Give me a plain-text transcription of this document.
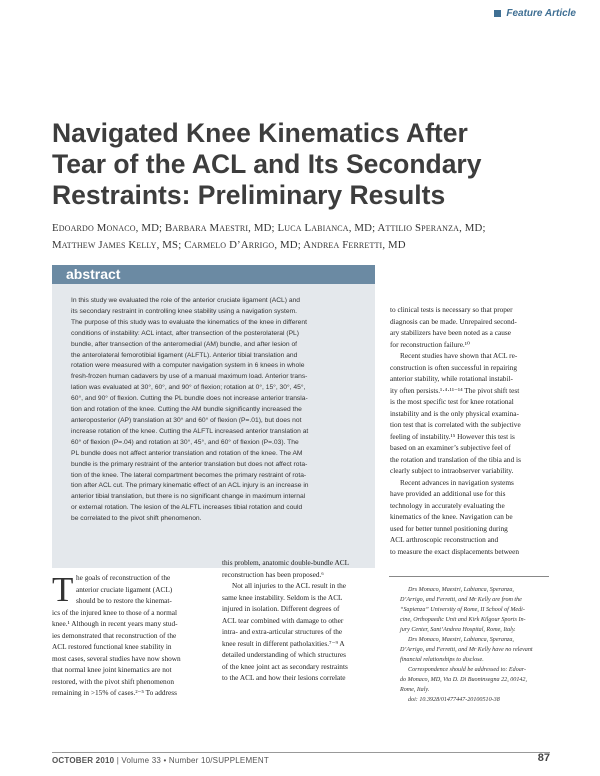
Feature Article
Navigated Knee Kinematics After
Tear of the ACL and Its Secondary
Restraints: Preliminary Results
Edoardo Monaco, MD; Barbara Maestri, MD; Luca Labianca, MD; Attilio Speranza, MD;
Matthew James Kelly, MS; Carmelo D’Arrigo, MD; Andrea Ferretti, MD
abstract

In this study we evaluated the role of the anterior cruciate ligament (ACL) and

its secondary restraint in controlling knee stability using a navigation system.

The purpose of this study was to evaluate the kinematics of the knee in different

conditions of instability: ACL intact, after transection of the posterolateral (PL)

bundle, after transection of the anteromedial (AM) bundle, and after lesion of

the anterolateral femorotibial ligament (ALFTL). Anterior tibial translation and

rotation were measured with a computer navigation system in 6 knees in whole

fresh-frozen human cadavers by use of a manual maximum load. Anterior trans-

lation was evaluated at 30°, 60°, and 90° of flexion; rotation at 0°, 15°, 30°, 45°,

60°, and 90° of flexion. Cutting the PL bundle does not increase anterior transla-

tion and rotation of the knee. Cutting the AM bundle significantly increased the

anteroposterior (AP) translation at 30° and 60° of flexion (P=.01), but does not

increase rotation of the knee. Cutting the ALFTL increased anterior translation at

60° of flexion (P=.04) and rotation at 30°, 45°, and 60° of flexion (P=.03). The

PL bundle does not affect anterior translation and rotation of the knee. The AM

bundle is the primary restraint of the anterior translation but does not affect rota-

tion of the knee. The lateral compartment becomes the primary restraint of rota-

tion after ACL cut. The primary kinematic effect of an ACL injury is an increase in

anterior tibial translation, but there is no significant change in maximum internal

or external rotation. The lesion of the ALFTL increases tibial rotation and could

be correlated to the pivot shift phenomenon.

T he goals of reconstruction of the

anterior cruciate ligament (ACL)

should be to restore the kinemat-

ics of the injured knee to those of a normal

knee.¹ Although in recent years many stud-

ies demonstrated that reconstruction of the

ACL restored functional knee stability in

most cases, several studies have now shown

that normal knee joint kinematics are not

restored, with the pivot shift phenomenon

remaining in >15% of cases.²⁻⁵ To address

this problem, anatomic double-bundle ACL

reconstruction has been proposed.⁶

Not all injuries to the ACL result in the

same knee instability. Seldom is the ACL

injured in isolation. Different degrees of

ACL tear combined with damage to other

intra- and extra-articular structures of the

knee result in different patholaxities.⁷⁻⁹ A

detailed understanding of which structures

of the knee joint act as secondary restraints

to the ACL and how their lesions correlate

to clinical tests is necessary so that proper

diagnosis can be made. Unrepaired second-

ary stabilizers have been noted as a cause

for reconstruction failure.¹⁰

Recent studies have shown that ACL re-

construction is often successful in repairing

anterior stability, while rotational instabil-

ity often persists.¹·⁴·¹¹⁻¹⁴ The pivot shift test

is the most specific test for knee rotational

instability and is the only physical examina-

tion test that is correlated with the subjective

feeling of instability.¹⁵ However this test is

based on an examiner’s subjective feel of

the rotation and translation of the tibia and is

clearly subject to intraobserver variability.

Recent advances in navigation systems

have provided an additional use for this

technology in accurately evaluating the

kinematics of the knee. Navigation can be

used for better tunnel positioning during

ACL arthroscopic reconstruction and

to measure the exact displacements between

Drs Monaco, Maestri, Labianca, Speranza,

D’Arrigo, and Ferretti, and Mr Kelly are from the

“Sapienza” University of Rome, II School of Medi-

cine, Orthopaedic Unit and Kirk Kilgour Sports In-

jury Center, Sant’Andrea Hospital, Rome, Italy.

Drs Monaco, Maestri, Labianca, Speranza,

D’Arrigo, and Ferretti, and Mr Kelly have no relevant

financial relationships to disclose.

Correspondence should be addressed to: Edoar-

do Monaco, MD, Via D. Di Buoninsegna 22, 00142,

Rome, Italy.

doi: 10.3928/01477447-20100510-38

OCTOBER 2010 | Volume 33 • Number 10/SUPPLEMENT	87
